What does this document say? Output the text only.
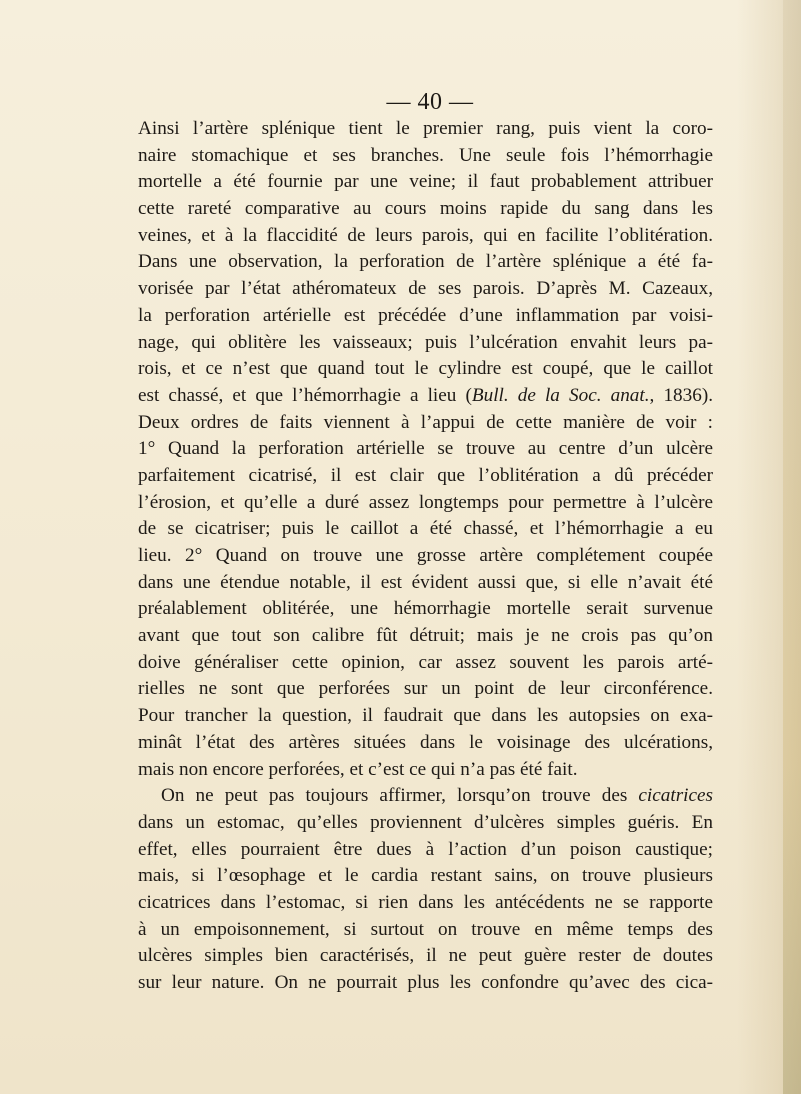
— 40 —
Ainsi l’artère splénique tient le premier rang, puis vient la coro-
naire stomachique et ses branches. Une seule fois l’hémorrhagie
mortelle a été fournie par une veine; il faut probablement attribuer
cette rareté comparative au cours moins rapide du sang dans les
veines, et à la flaccidité de leurs parois, qui en facilite l’oblitération.
Dans une observation, la perforation de l’artère splénique a été fa-
vorisée par l’état athéromateux de ses parois. D’après M. Cazeaux,
la perforation artérielle est précédée d’une inflammation par voisi-
nage, qui oblitère les vaisseaux; puis l’ulcération envahit leurs pa-
rois, et ce n’est que quand tout le cylindre est coupé, que le caillot
est chassé, et que l’hémorrhagie a lieu (Bull. de la Soc. anat., 1836).
Deux ordres de faits viennent à l’appui de cette manière de voir :
1° Quand la perforation artérielle se trouve au centre d’un ulcère
parfaitement cicatrisé, il est clair que l’oblitération a dû précéder
l’érosion, et qu’elle a duré assez longtemps pour permettre à l’ulcère
de se cicatriser; puis le caillot a été chassé, et l’hémorrhagie a eu
lieu. 2° Quand on trouve une grosse artère complétement coupée
dans une étendue notable, il est évident aussi que, si elle n’avait été
préalablement oblitérée, une hémorrhagie mortelle serait survenue
avant que tout son calibre fût détruit; mais je ne crois pas qu’on
doive généraliser cette opinion, car assez souvent les parois arté-
rielles ne sont que perforées sur un point de leur circonférence.
Pour trancher la question, il faudrait que dans les autopsies on exa-
minât l’état des artères situées dans le voisinage des ulcérations,
mais non encore perforées, et c’est ce qui n’a pas été fait.
On ne peut pas toujours affirmer, lorsqu’on trouve des cicatrices
dans un estomac, qu’elles proviennent d’ulcères simples guéris. En
effet, elles pourraient être dues à l’action d’un poison caustique;
mais, si l’œsophage et le cardia restant sains, on trouve plusieurs
cicatrices dans l’estomac, si rien dans les antécédents ne se rapporte
à un empoisonnement, si surtout on trouve en même temps des
ulcères simples bien caractérisés, il ne peut guère rester de doutes
sur leur nature. On ne pourrait plus les confondre qu’avec des cica-
